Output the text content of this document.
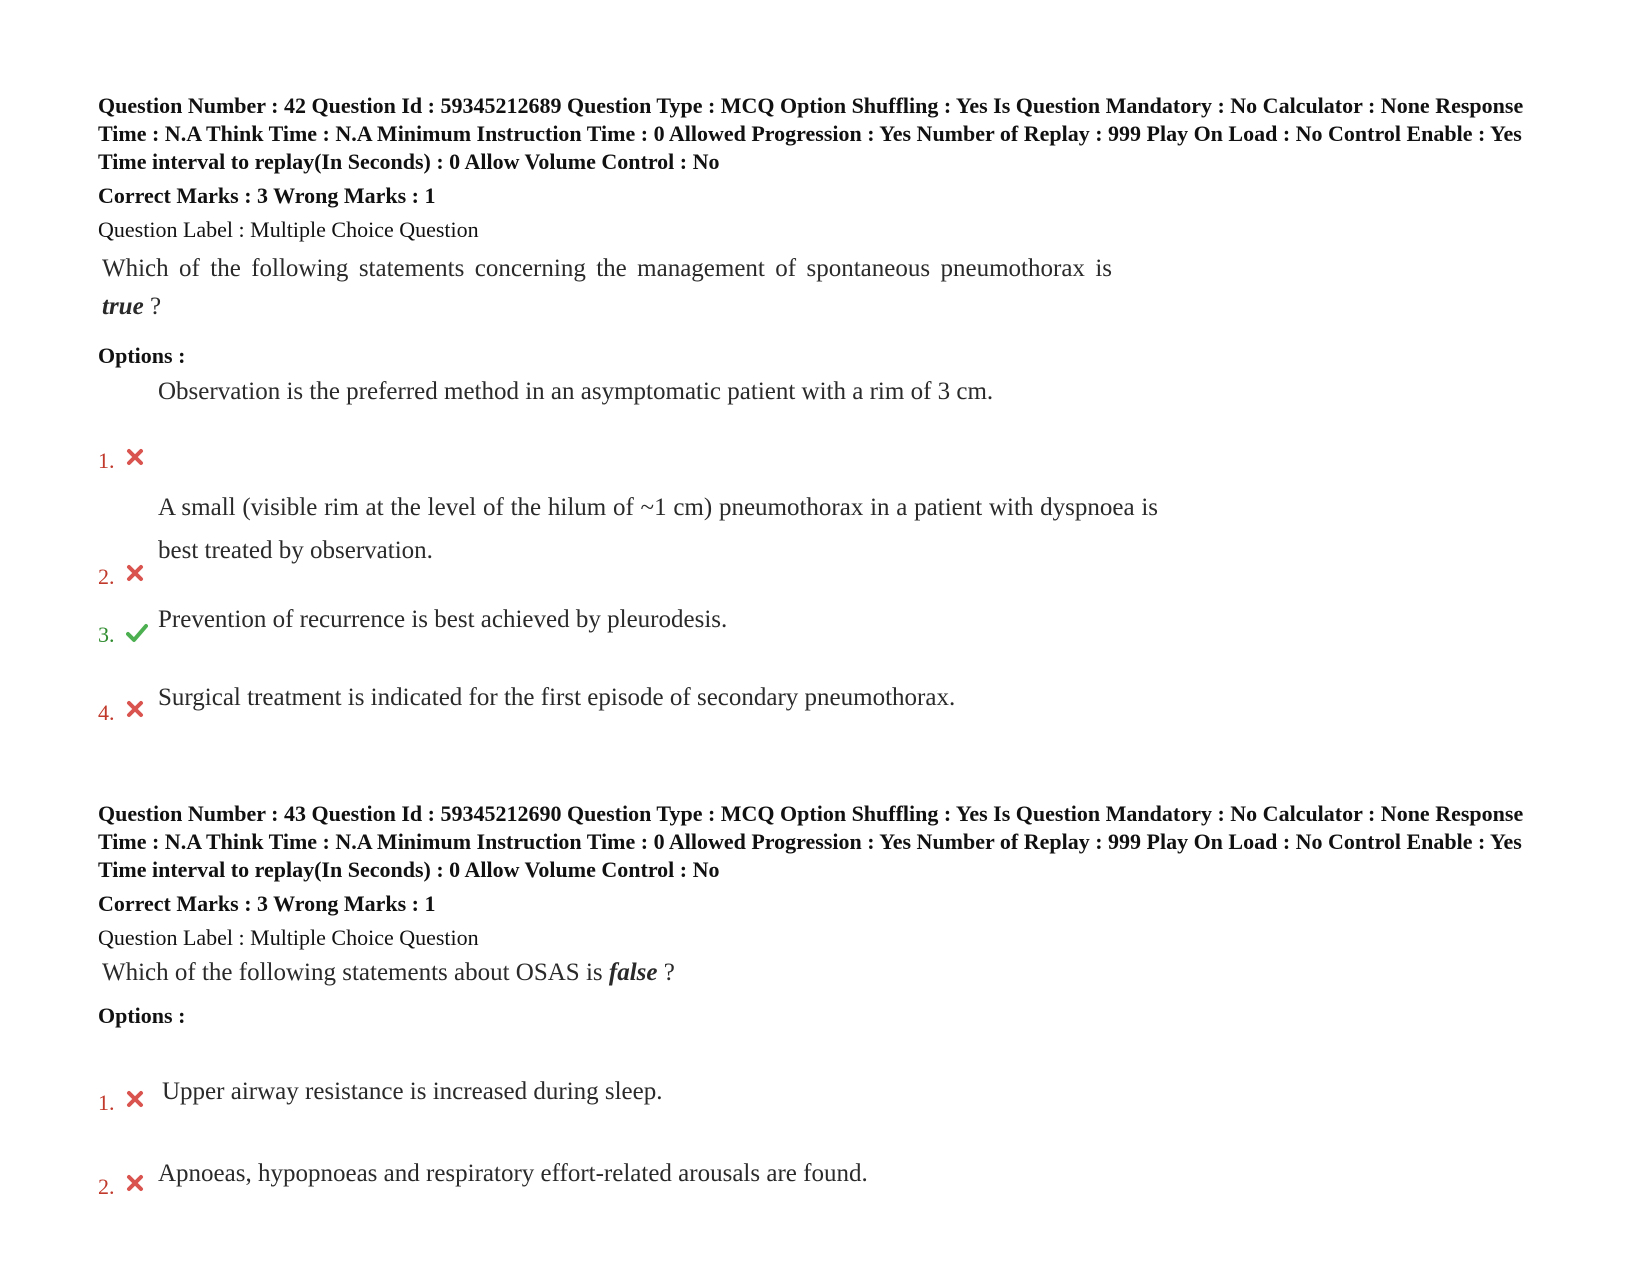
Question Number : 42 Question Id : 59345212689 Question Type : MCQ Option Shuffling : Yes Is Question Mandatory : No Calculator : None Response Time : N.A Think Time : N.A Minimum Instruction Time : 0 Allowed Progression : Yes Number of Replay : 999 Play On Load : No Control Enable : Yes Time interval to replay(In Seconds) : 0 Allow Volume Control : No

Correct Marks : 3 Wrong Marks : 1
Question Label : Multiple Choice Question
Which of the following statements concerning the management of spontaneous pneumothorax is true ?
Options :
1.
Observation is the preferred method in an asymptomatic patient with a rim of 3 cm.
2.
A small (visible rim at the level of the hilum of ~1 cm) pneumothorax in a patient with dyspnoea is best treated by observation.
3.
Prevention of recurrence is best achieved by pleurodesis.
4.
Surgical treatment is indicated for the first episode of secondary pneumothorax.

Question Number : 43 Question Id : 59345212690 Question Type : MCQ Option Shuffling : Yes Is Question Mandatory : No Calculator : None Response Time : N.A Think Time : N.A Minimum Instruction Time : 0 Allowed Progression : Yes Number of Replay : 999 Play On Load : No Control Enable : Yes Time interval to replay(In Seconds) : 0 Allow Volume Control : No

Correct Marks : 3 Wrong Marks : 1
Question Label : Multiple Choice Question
Which of the following statements about OSAS is false ?
Options :
1. Upper airway resistance is increased during sleep.
2. Apnoeas, hypopnoeas and respiratory effort-related arousals are found.
